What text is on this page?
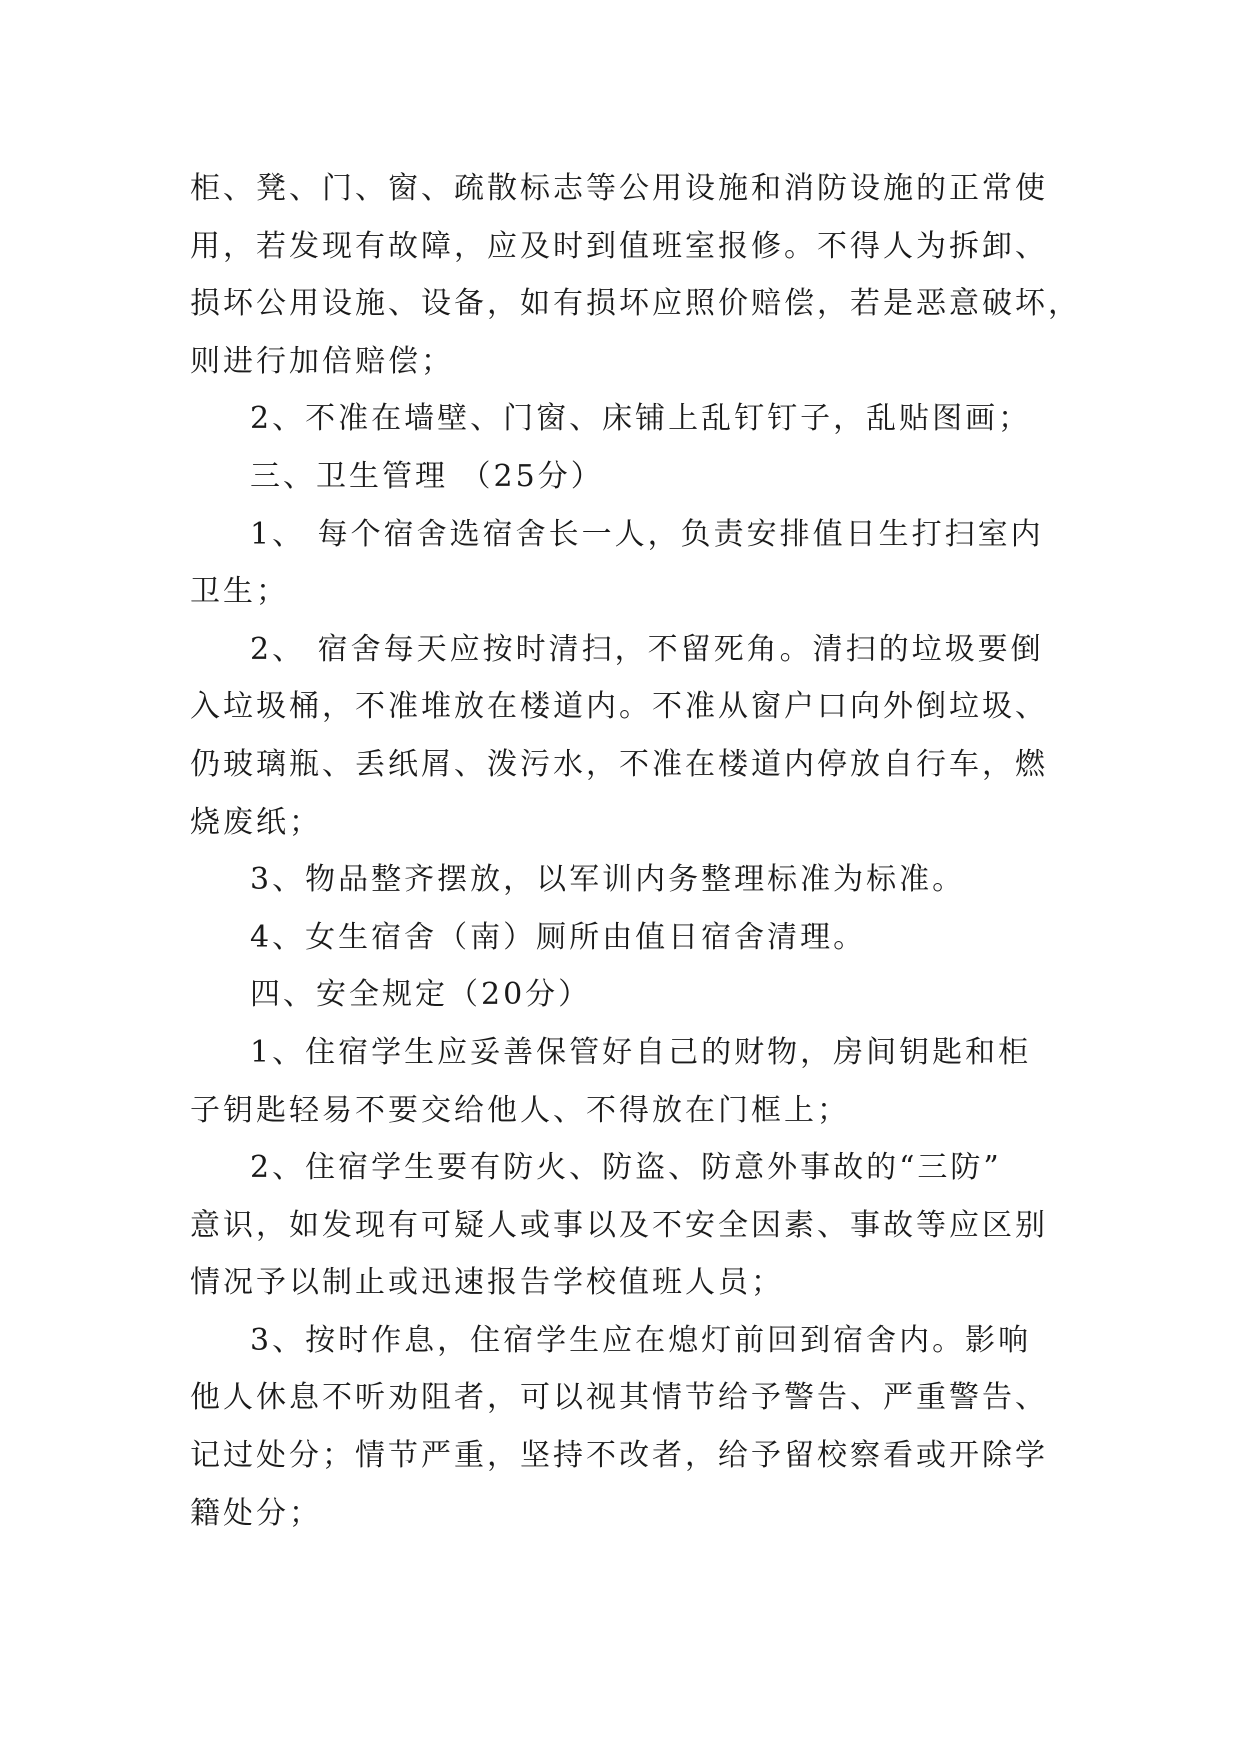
柜、凳、门、窗、疏散标志等公用设施和消防设施的正常使
用，若发现有故障，应及时到值班室报修。不得人为拆卸、
损坏公用设施、设备，如有损坏应照价赔偿，若是恶意破坏，
则进行加倍赔偿；
2、不准在墙壁、门窗、床铺上乱钉钉子，乱贴图画；
三、卫生管理 （25分）
1、 每个宿舍选宿舍长一人，负责安排值日生打扫室内
卫生；
2、 宿舍每天应按时清扫，不留死角。清扫的垃圾要倒
入垃圾桶，不准堆放在楼道内。不准从窗户口向外倒垃圾、
仍玻璃瓶、丢纸屑、泼污水，不准在楼道内停放自行车，燃
烧废纸；
3、物品整齐摆放，以军训内务整理标准为标准。
4、女生宿舍（南）厕所由值日宿舍清理。
四、安全规定（20分）
1、住宿学生应妥善保管好自己的财物，房间钥匙和柜
子钥匙轻易不要交给他人、不得放在门框上；
2、住宿学生要有防火、防盗、防意外事故的“三防”
意识，如发现有可疑人或事以及不安全因素、事故等应区别
情况予以制止或迅速报告学校值班人员；
3、按时作息，住宿学生应在熄灯前回到宿舍内。影响
他人休息不听劝阻者，可以视其情节给予警告、严重警告、
记过处分；情节严重，坚持不改者，给予留校察看或开除学
籍处分；
